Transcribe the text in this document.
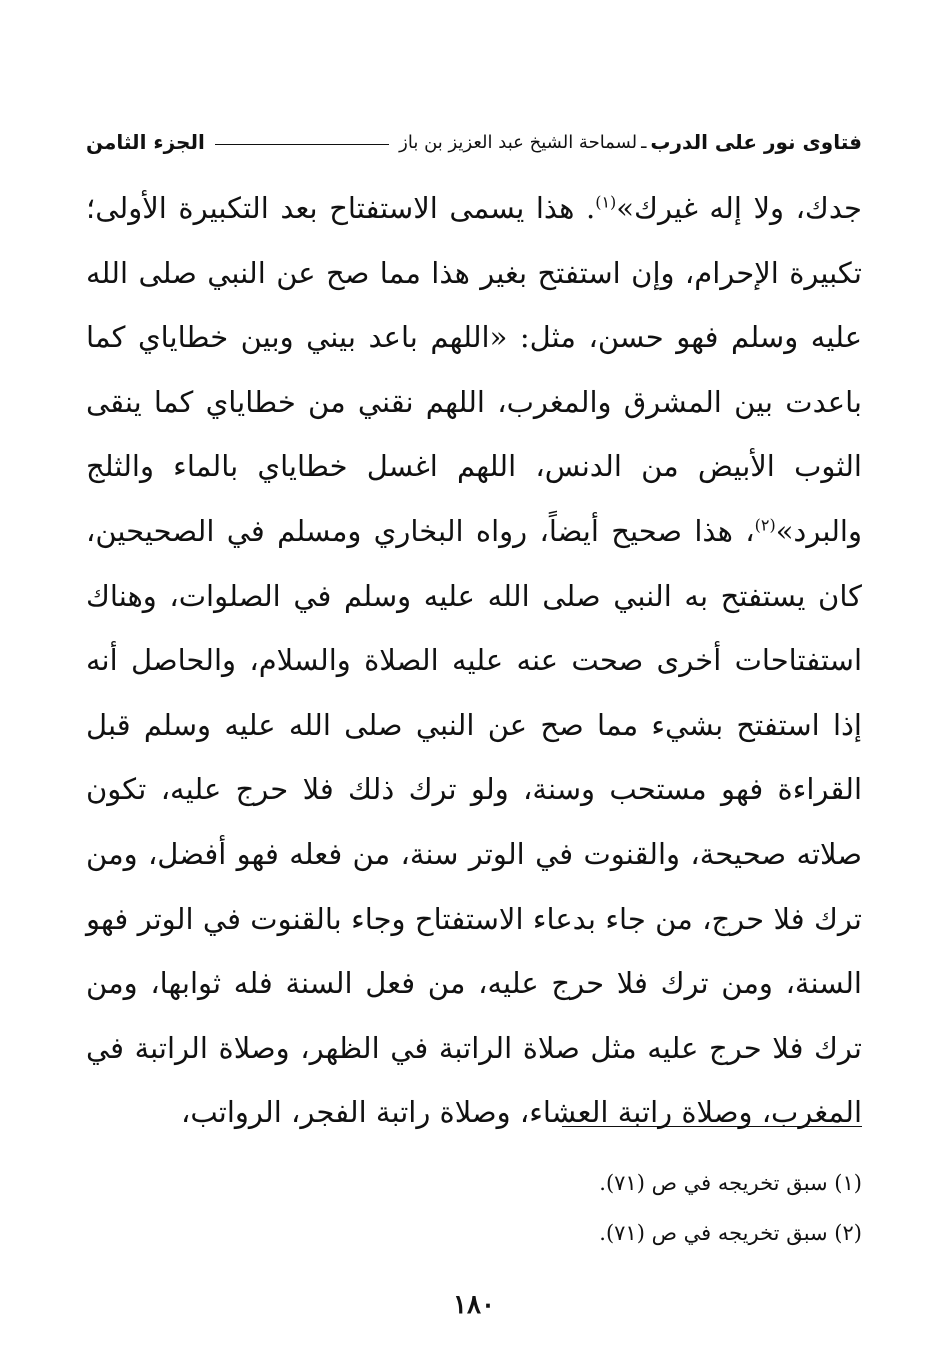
فتاوى نور على الدرب
ـ
لسماحة الشيخ عبد العزيز بن باز
الجزء الثامن

جدك، ولا إله غيرك»$^{(١)}$. هذا يسمى الاستفتاح بعد التكبيرة الأولى؛ تكبيرة الإحرام، وإن استفتح بغير هذا مما صح عن النبي صلى الله عليه وسلم فهو حسن، مثل: «اللهم باعد بيني وبين خطاياي كما باعدت بين المشرق والمغرب، اللهم نقني من خطاياي كما ينقى الثوب الأبيض من الدنس، اللهم اغسل خطاياي بالماء والثلج والبرد»$^{(٢)}$، هذا صحيح أيضاً، رواه البخاري ومسلم في الصحيحين، كان يستفتح به النبي صلى الله عليه وسلم في الصلوات، وهناك استفتاحات أخرى صحت عنه عليه الصلاة والسلام، والحاصل أنه إذا استفتح بشيء مما صح عن النبي صلى الله عليه وسلم قبل القراءة فهو مستحب وسنة، ولو ترك ذلك فلا حرج عليه، تكون صلاته صحيحة، والقنوت في الوتر سنة، من فعله فهو أفضل، ومن ترك فلا حرج، من جاء بدعاء الاستفتاح وجاء بالقنوت في الوتر فهو السنة، ومن ترك فلا حرج عليه، من فعل السنة فله ثوابها، ومن ترك فلا حرج عليه مثل صلاة الراتبة في الظهر، وصلاة الراتبة في المغرب، وصلاة راتبة العشاء، وصلاة راتبة الفجر، الرواتب،

(١) سبق تخريجه في ص (٧١).
(٢) سبق تخريجه في ص (٧١).
١٨٠
